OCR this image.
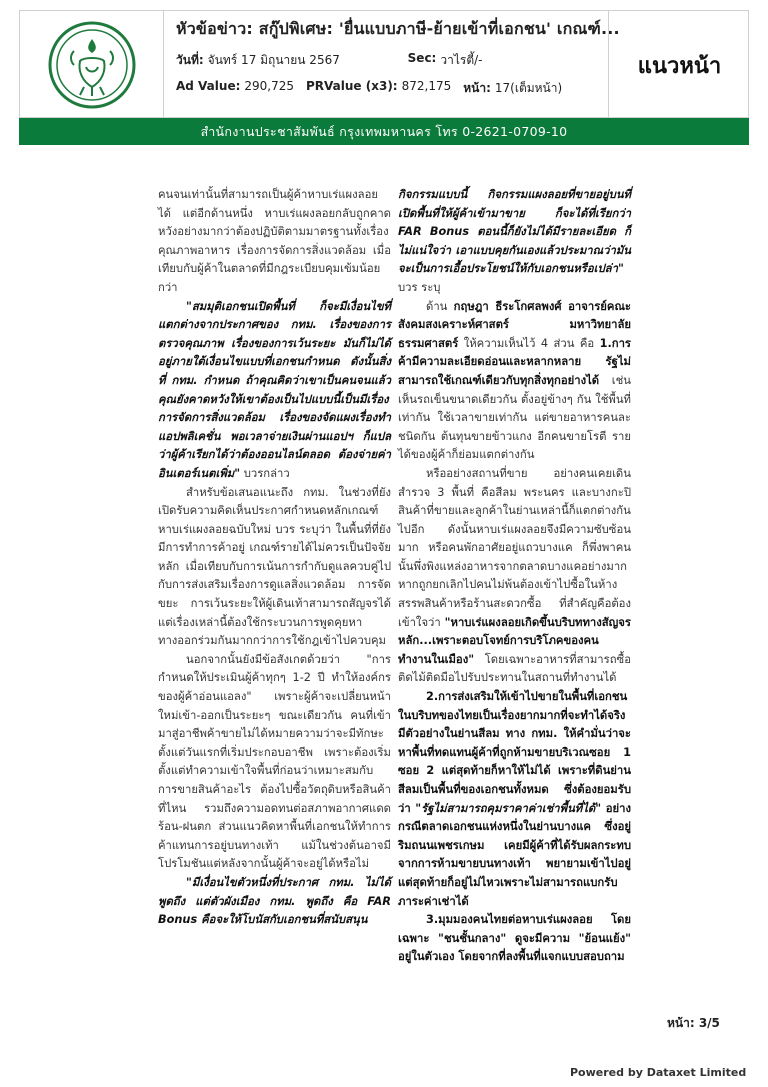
หัวข้อข่าว: สกู๊ปพิเศษ: 'ยื่นแบบภาษี-ย้ายเข้าที่เอกชน' เกณฑ์...
วันที่: จันทร์ 17 มิถุนายน 2567	Sec: วาไรตี้/-
Ad Value: 290,725 PRValue (x3): 872,175 หน้า: 17(เต็มหน้า)
แนวหน้า
สำนักงานประชาสัมพันธ์ กรุงเทพมหานคร โทร 0-2621-0709-10

คนจนเท่านั้นที่สามารถเป็นผู้ค้าหาบเร่แผงลอยได้ แต่อีกด้านหนึ่ง หาบเร่แผงลอยกลับถูกคาดหวังอย่างมากว่าต้องปฏิบัติตามมาตรฐานทั้งเรื่องคุณภาพอาหาร เรื่องการจัดการสิ่งแวดล้อม เมื่อเทียบกับผู้ค้าในตลาดที่มีกฎระเบียบคุมเข้มน้อยกว่า

"สมมุติเอกชนเปิดพื้นที่ ก็จะมีเงื่อนไขที่แตกต่างจากประกาศของ กทม. เรื่องของการตรวจคุณภาพ เรื่องของการเว้นระยะ มันก็ไม่ได้อยู่ภายใต้เงื่อนไขแบบที่เอกชนกำหนด ดังนั้นสิ่งที่ กทม. กำหนด ถ้าคุณคิดว่าเขาเป็นคนจนแล้วคุณยังคาดหวังให้เขาต้องเป็นไปแบบนี้เป็นมีเรื่องการจัดการสิ่งแวดล้อม เรื่องของจัดแผงเรื่องทำแอปพลิเคชั่น พอเวลาจ่ายเงินผ่านแอปฯ ก็แปลว่าผู้ค้าเรียกได้ว่าต้องออนไลน์ตลอด ต้องจ่ายค่าอินเตอร์เนตเพิ่ม" บวรกล่าว

สำหรับข้อเสนอแนะถึง กทม. ในช่วงที่ยังเปิดรับความคิดเห็นประกาศกำหนดหลักเกณฑ์หาบเร่แผงลอยฉบับใหม่ บวร ระบุว่า ในพื้นที่ที่ยังมีการทำการค้าอยู่ เกณฑ์รายได้ไม่ควรเป็นปัจจัยหลัก เมื่อเทียบกับการเน้นการกำกับดูแลควบคู่ไปกับการส่งเสริมเรื่องการดูแลสิ่งแวดล้อม การจัดขยะ การเว้นระยะให้ผู้เดินเท้าสามารถสัญจรได้ แต่เรื่องเหล่านี้ต้องใช้กระบวนการพูดคุยหาทางออกร่วมกันมากกว่าการใช้กฎเข้าไปควบคุม

นอกจากนั้นยังมีข้อสังเกตด้วยว่า "การกำหนดให้ประเมินผู้ค้าทุกๆ 1-2 ปี ทำให้องค์กรของผู้ค้าอ่อนแอลง" เพราะผู้ค้าจะเปลี่ยนหน้าใหม่เข้า-ออกเป็นระยะๆ ขณะเดียวกัน คนที่เข้ามาสู่อาชีพค้าขายไม่ได้หมายความว่าจะมีทักษะตั้งแต่วันแรกที่เริ่มประกอบอาชีพ เพราะต้องเริ่มตั้งแต่ทำความเข้าใจพื้นที่ก่อนว่าเหมาะสมกับการขายสินค้าอะไร ต้องไปซื้อวัตถุดิบหรือสินค้าที่ไหน รวมถึงความอดทนต่อสภาพอากาศแดดร้อน-ฝนตก ส่วนแนวคิดหาพื้นที่เอกชนให้ทำการค้าแทนการอยู่บนทางเท้า แม้ในช่วงต้นอาจมีโปรโมชันแต่หลังจากนั้นผู้ค้าจะอยู่ได้หรือไม่

"มีเงื่อนไขตัวหนึ่งที่ประกาศ กทม. ไม่ได้พูดถึง แต่ตัวผังเมือง กทม. พูดถึง คือ FAR Bonus คือจะให้โบนัสกับเอกชนที่สนับสนุน

กิจกรรมแบบนี้ กิจกรรมแผงลอยที่ขายอยู่บนที่เปิดพื้นที่ให้ผู้ค้าเข้ามาขาย ก็จะได้ที่เรียกว่า FAR Bonus ตอนนี้ก็ยังไม่ได้มีรายละเอียด ก็ไม่แน่ใจว่า เอาแบบคุยกันเองแล้วประมาณว่ามันจะเป็นการเอื้อประโยชน์ให้กับเอกชนหรือเปล่า" บวร ระบุ

ด้าน กฤษฎา ธีระโกศลพงศ์ อาจารย์คณะสังคมสงเคราะห์ศาสตร์ มหาวิทยาลัยธรรมศาสตร์ ให้ความเห็นไว้ 4 ส่วน คือ 1.การค้ามีความละเอียดอ่อนและหลากหลาย รัฐไม่สามารถใช้เกณฑ์เดียวกับทุกสิ่งทุกอย่างได้ เช่น เห็นรถเข็นขนาดเดียวกัน ตั้งอยู่ข้างๆ กัน ใช้พื้นที่เท่ากัน ใช้เวลาขายเท่ากัน แต่ขายอาหารคนละชนิดกัน ต้นทุนขายข้าวแกง อีกคนขายโรตี รายได้ของผู้ค้าก็ย่อมแตกต่างกัน

หรืออย่างสถานที่ขาย อย่างคนเคยเดินสำรวจ 3 พื้นที่ คือสีลม พระนคร และบางกะปิ สินค้าที่ขายและลูกค้าในย่านเหล่านี้ก็แตกต่างกันไปอีก ดังนั้นหาบเร่แผงลอยจึงมีความซับซ้อนมาก หรือคนพักอาศัยอยู่แถวบางแค ก็พึ่งพาคนนั้นพึ่งพิงแหล่งอาหารจากตลาดบางแคอย่างมาก หากถูกยกเลิกไปคนไม่พ้นต้องเข้าไปซื้อในห้างสรรพสินค้าหรือร้านสะดวกซื้อ ที่สำคัญคือต้องเข้าใจว่า "หาบเร่แผงลอยเกิดขึ้นบริบททางสัญจรหลัก...เพราะตอบโจทย์การบริโภคของคนทำงานในเมือง" โดยเฉพาะอาหารที่สามารถซื้อติดไม้ติดมือไปรับประทานในสถานที่ทำงานได้

2.การส่งเสริมให้เข้าไปขายในพื้นที่เอกชน ในบริบทของไทยเป็นเรื่องยากมากที่จะทำได้จริง มีตัวอย่างในย่านสีลม ทาง กทม. ให้คำมั่นว่าจะหาพื้นที่ทดแทนผู้ค้าที่ถูกห้ามขายบริเวณซอย 1 ซอย 2 แต่สุดท้ายก็หาให้ไม่ได้ เพราะที่ดินย่านสีลมเป็นพื้นที่ของเอกชนทั้งหมด ซึ่งต้องยอมรับว่า "รัฐไม่สามารถคุมราคาค่าเช่าพื้นที่ได้" อย่างกรณีตลาดเอกชนแห่งหนึ่งในย่านบางแค ซึ่งอยู่ริมถนนเพชรเกษม เคยมีผู้ค้าที่ได้รับผลกระทบจากการห้ามขายบนทางเท้า พยายามเข้าไปอยู่ แต่สุดท้ายก็อยู่ไม่ไหวเพราะไม่สามารถแบกรับภาระค่าเช่าได้

3.มุมมองคนไทยต่อหาบเร่แผงลอย โดยเฉพาะ "ชนชั้นกลาง" ดูจะมีความ "ย้อนแย้ง" อยู่ในตัวเอง โดยจากที่ลงพื้นที่แจกแบบสอบถาม

หน้า: 3/5
Powered by Dataxet Limited
